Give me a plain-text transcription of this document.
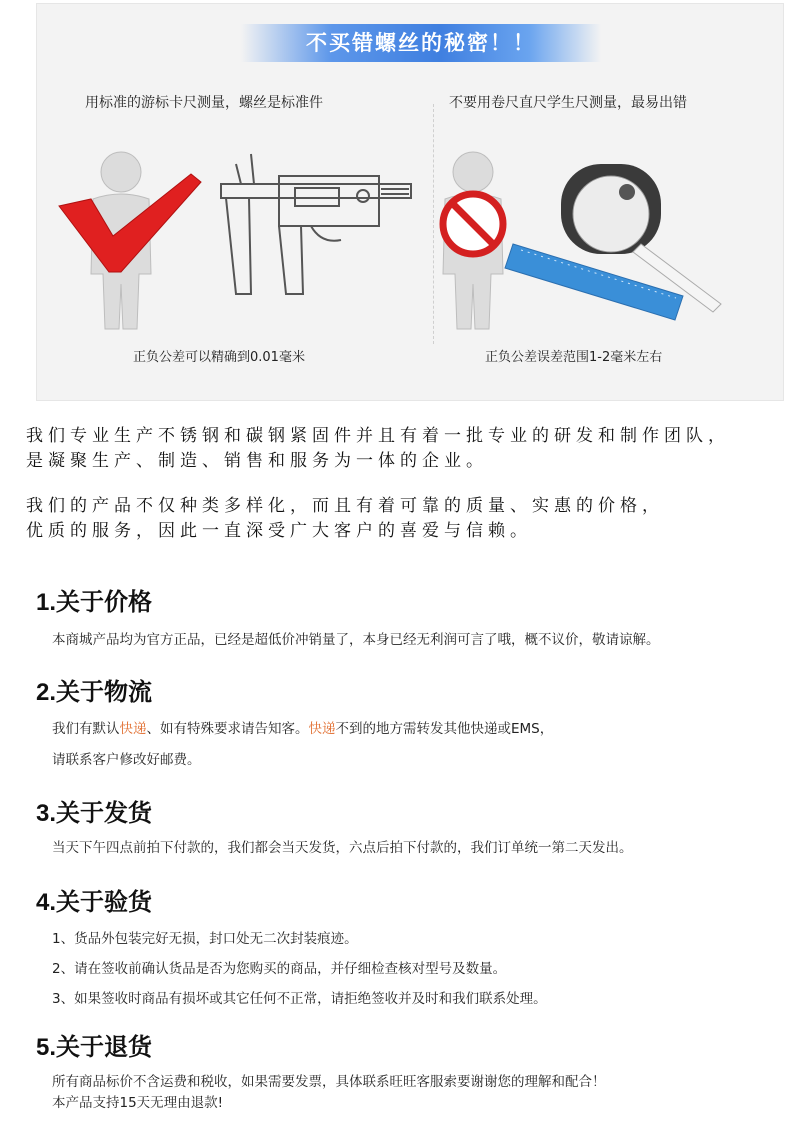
不买错螺丝的秘密！！
用标准的游标卡尺测量，螺丝是标准件	不要用卷尺直尺学生尺测量，最易出错
正负公差可以精确到0.01毫米	正负公差误差范围1-2毫米左右
我们专业生产不锈钢和碳钢紧固件并且有着一批专业的研发和制作团队，
是凝聚生产、制造、销售和服务为一体的企业。
我们的产品不仅种类多样化，而且有着可靠的质量、实惠的价格，
优质的服务，因此一直深受广大客户的喜爱与信赖。
1.关于价格
本商城产品均为官方正品，已经是超低价冲销量了，本身已经无利润可言了哦，概不议价，敬请谅解。
2.关于物流
我们有默认快递、如有特殊要求请告知客。快递不到的地方需转发其他快递或EMS，
请联系客户修改好邮费。
3.关于发货
当天下午四点前拍下付款的，我们都会当天发货，六点后拍下付款的，我们订单统一第二天发出。
4.关于验货
1、货品外包装完好无损，封口处无二次封装痕迹。
2、请在签收前确认货品是否为您购买的商品，并仔细检查核对型号及数量。
3、如果签收时商品有损坏或其它任何不正常，请拒绝签收并及时和我们联系处理。
5.关于退货
所有商品标价不含运费和税收，如果需要发票，具体联系旺旺客服索要谢谢您的理解和配合！
本产品支持15天无理由退款!
